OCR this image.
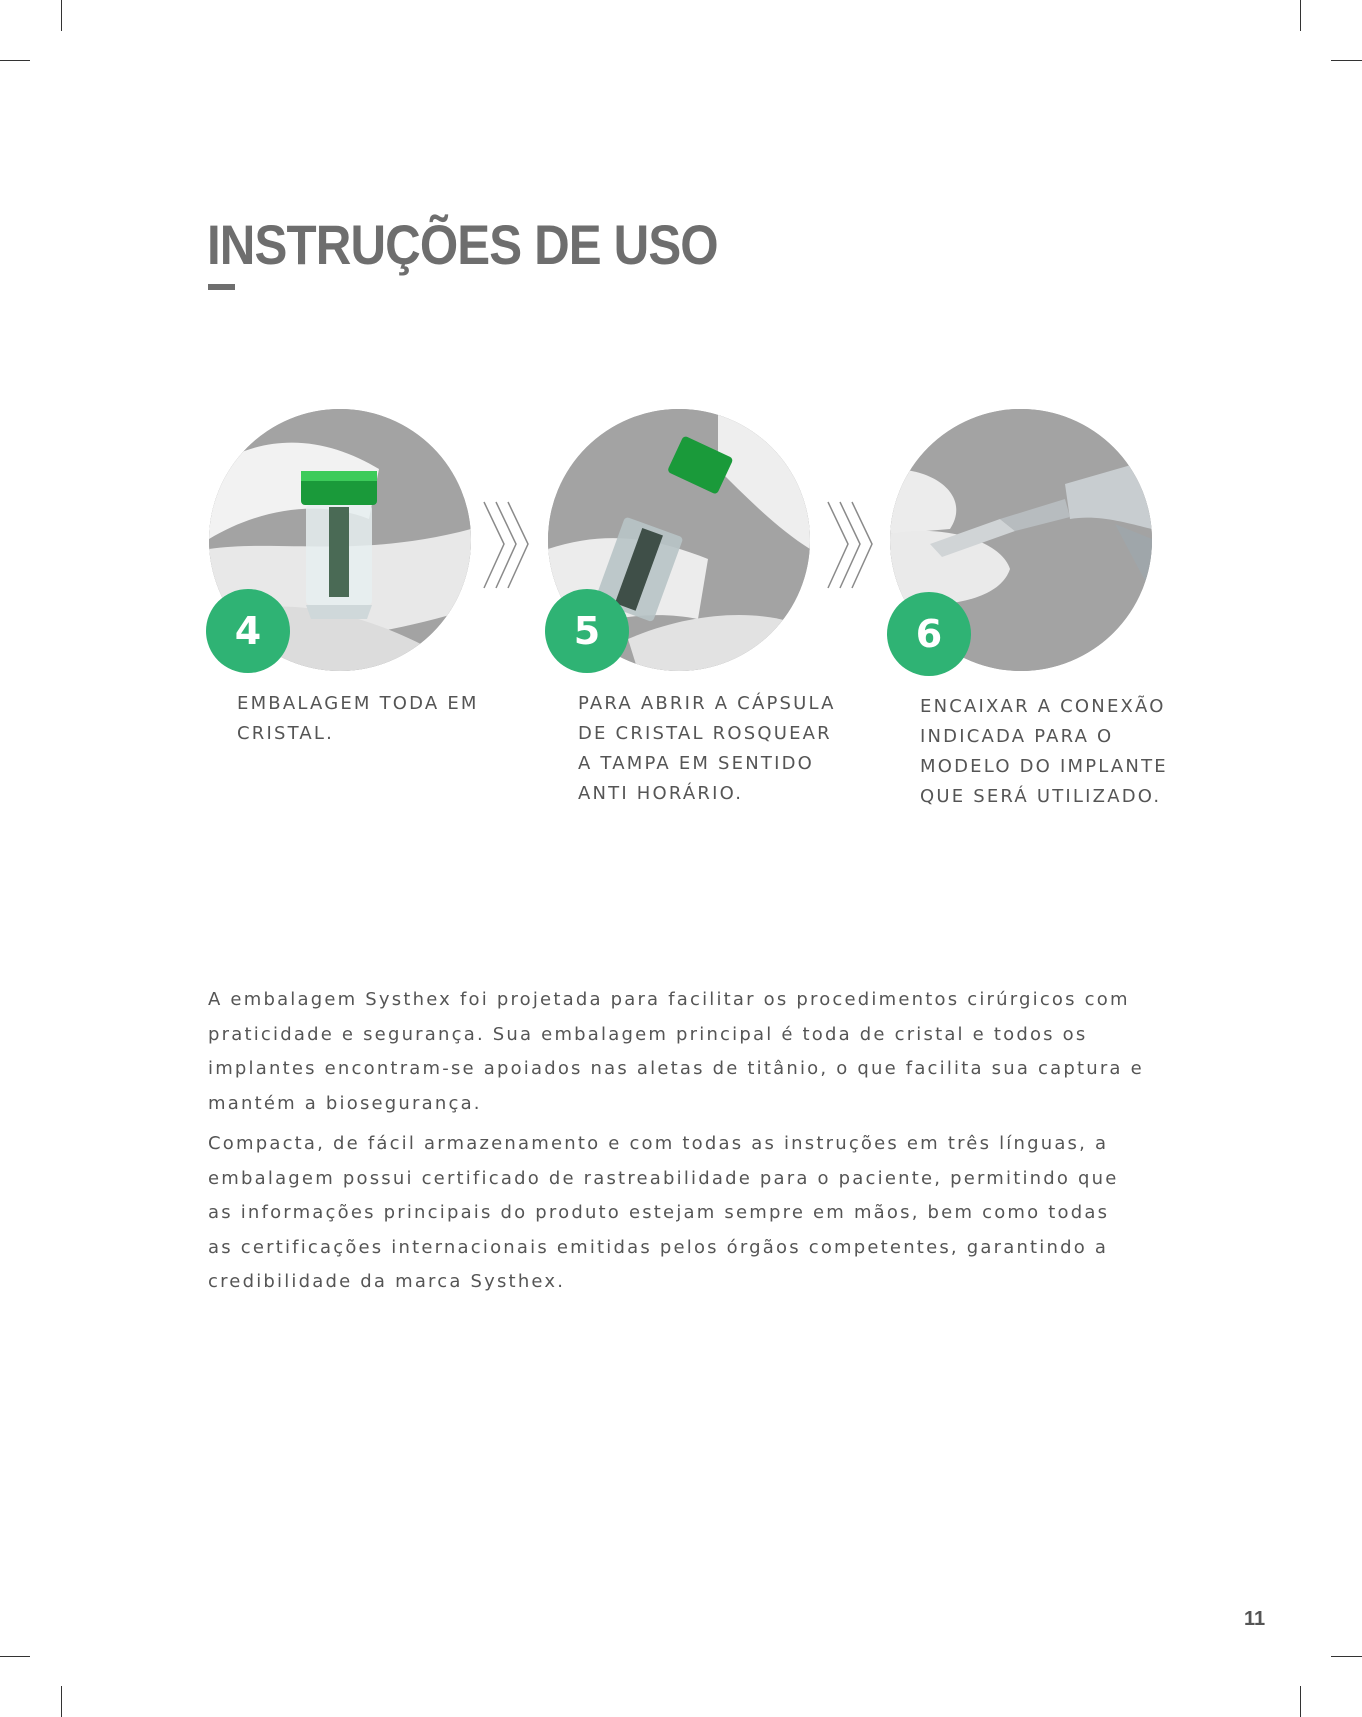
INSTRUÇÕES DE USO
4

EMBALAGEM TODA EM
CRISTAL.

5

PARA ABRIR A CÁPSULA
DE CRISTAL ROSQUEAR
A TAMPA EM SENTIDO
ANTI HORÁRIO.

6

ENCAIXAR A CONEXÃO
INDICADA PARA O
MODELO DO IMPLANTE
QUE SERÁ UTILIZADO.

A embalagem Systhex foi projetada para facilitar os procedimentos cirúrgicos com
praticidade e segurança. Sua embalagem principal é toda de cristal e todos os
implantes encontram-se apoiados nas aletas de titânio, o que facilita sua captura e
mantém a biosegurança.

Compacta, de fácil armazenamento e com todas as instruções em três línguas, a
embalagem possui certificado de rastreabilidade para o paciente, permitindo que
as informações principais do produto estejam sempre em mãos, bem como todas
as certificações internacionais emitidas pelos órgãos competentes, garantindo a
credibilidade da marca Systhex.

11
